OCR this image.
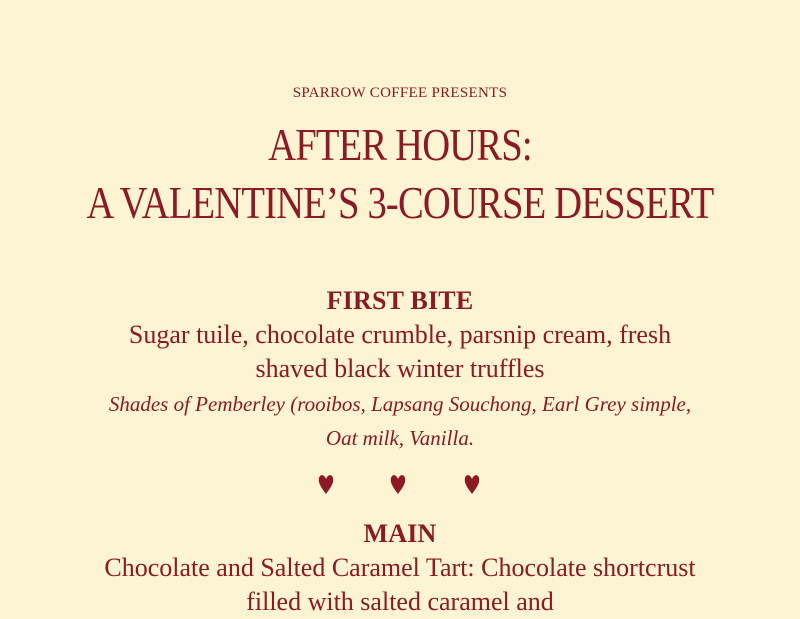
SPARROW COFFEE PRESENTS
AFTER HOURS:
A VALENTINE’S 3-COURSE DESSERT
FIRST BITE
Sugar tuile, chocolate crumble, parsnip cream, fresh shaved black winter truffles
Shades of Pemberley (rooibos, Lapsang Souchong, Earl Grey simple, Oat milk, Vanilla.
MAIN
Chocolate and Salted Caramel Tart: Chocolate shortcrust filled with salted caramel and
